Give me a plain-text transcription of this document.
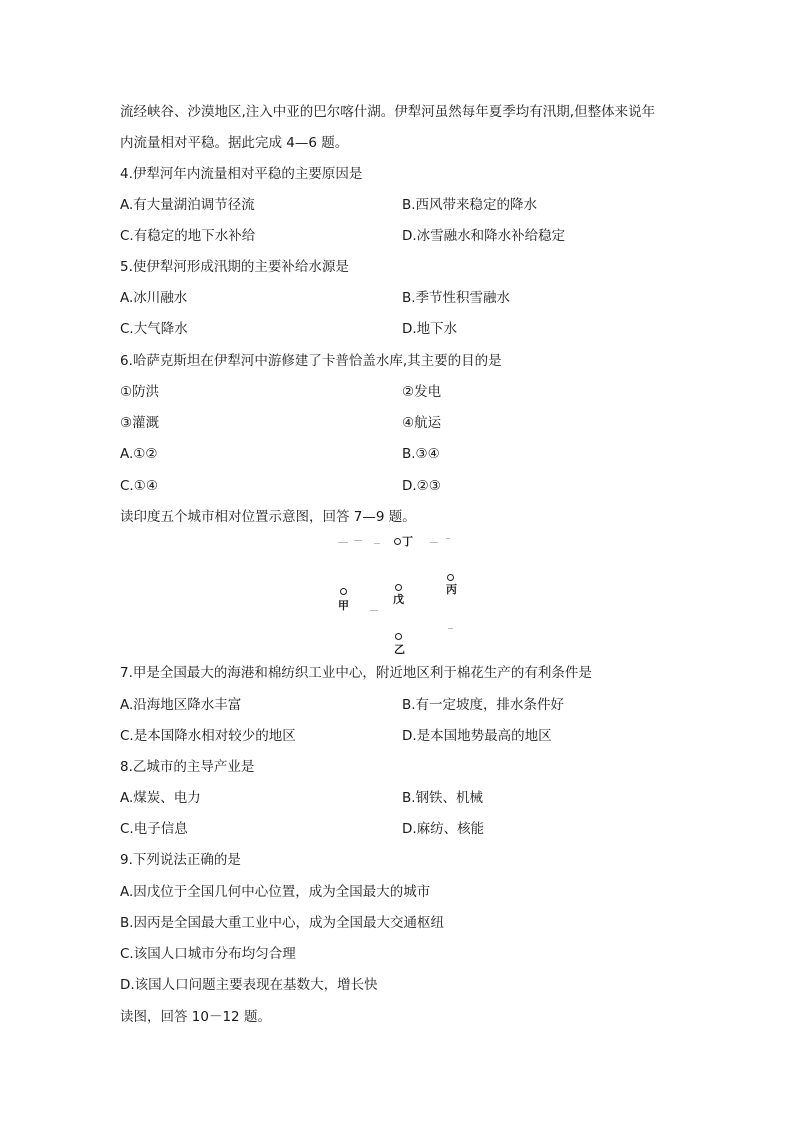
流经峡谷、沙漠地区,注入中亚的巴尔喀什湖。伊犁河虽然每年夏季均有汛期,但整体来说年
内流量相对平稳。据此完成 4—6 题。
4.伊犁河年内流量相对平稳的主要原因是
A.有大量湖泊调节径流	B.西风带来稳定的降水
C.有稳定的地下水补给	D.冰雪融水和降水补给稳定
5.使伊犁河形成汛期的主要补给水源是
A.冰川融水	B.季节性积雪融水
C.大气降水	D.地下水
6.哈萨克斯坦在伊犁河中游修建了卡普恰盖水库,其主要的目的是
①防洪	②发电
③灌溉	④航运
A.①②	B.③④
C.①④	D.②③
读印度五个城市相对位置示意图，回答 7—9 题。
丁
甲	戊
丙
乙
7.甲是全国最大的海港和棉纺织工业中心，附近地区利于棉花生产的有利条件是
A.沿海地区降水丰富	B.有一定坡度，排水条件好
C.是本国降水相对较少的地区	D.是本国地势最高的地区
8.乙城市的主导产业是
A.煤炭、电力	B.钢铁、机械
C.电子信息	D.麻纺、核能
9.下列说法正确的是
A.因戊位于全国几何中心位置，成为全国最大的城市
B.因丙是全国最大重工业中心，成为全国最大交通枢纽
C.该国人口城市分布均匀合理
D.该国人口问题主要表现在基数大，增长快
读图，回答 10－12 题。
